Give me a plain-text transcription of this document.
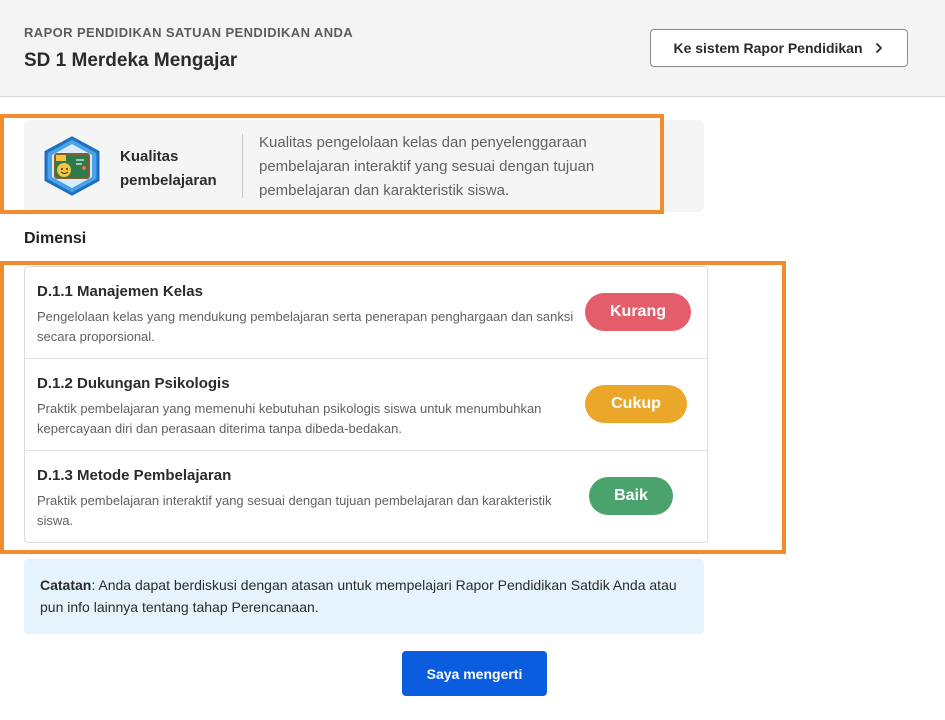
RAPOR PENDIDIKAN SATUAN PENDIDIKAN ANDA
SD 1 Merdeka Mengajar
Ke sistem Rapor Pendidikan
Kualitas pembelajaran
Kualitas pengelolaan kelas dan penyelenggaraan pembelajaran interaktif yang sesuai dengan tujuan pembelajaran dan karakteristik siswa.
Dimensi
D.1.1 Manajemen Kelas
Pengelolaan kelas yang mendukung pembelajaran serta penerapan penghargaan dan sanksi secara proporsional.
Kurang
D.1.2 Dukungan Psikologis
Praktik pembelajaran yang memenuhi kebutuhan psikologis siswa untuk menumbuhkan kepercayaan diri dan perasaan diterima tanpa dibeda-bedakan.
Cukup
D.1.3 Metode Pembelajaran
Praktik pembelajaran interaktif yang sesuai dengan tujuan pembelajaran dan karakteristik siswa.
Baik
Catatan: Anda dapat berdiskusi dengan atasan untuk mempelajari Rapor Pendidikan Satdik Anda atau pun info lainnya tentang tahap Perencanaan.
Saya mengerti
